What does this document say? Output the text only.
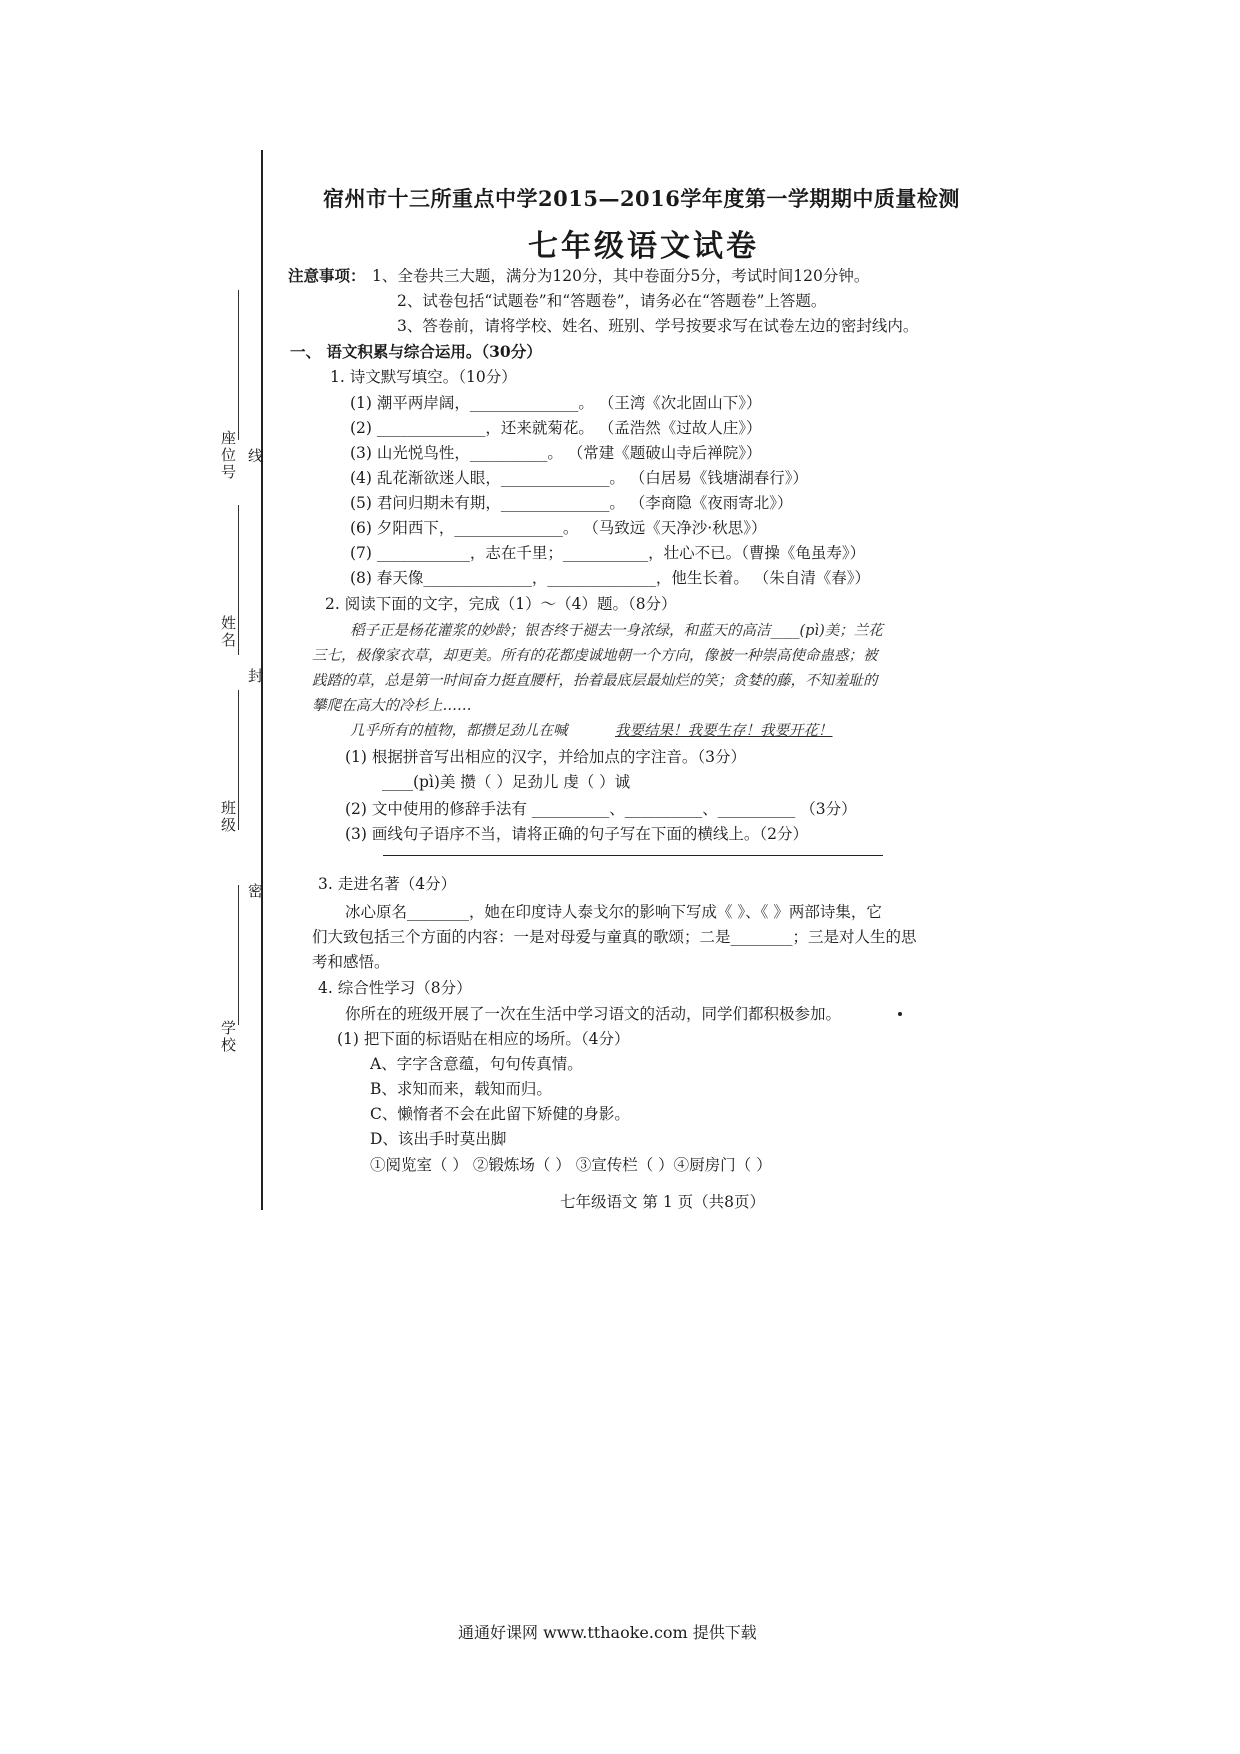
座位号
姓名
班级
学校
线
封
密
宿州市十三所重点中学2015—2016学年度第一学期期中质量检测
七年级语文试卷
注意事项： 1、全卷共三大题，满分为120分，其中卷面分5分，考试时间120分钟。
2、试卷包括“试题卷”和“答题卷”，请务必在“答题卷”上答题。
3、答卷前，请将学校、姓名、班别、学号按要求写在试卷左边的密封线内。
一、 语文积累与综合运用。（30分）
1. 诗文默写填空。（10分）
(1) 潮平两岸阔，______________。 （王湾《次北固山下》）
(2) ______________，还来就菊花。 （孟浩然《过故人庄》）
(3) 山光悦鸟性，__________。 （常建《题破山寺后禅院》）
(4) 乱花渐欲迷人眼，______________。 （白居易《钱塘湖春行》）
(5) 君问归期未有期，______________。 （李商隐《夜雨寄北》）
(6) 夕阳西下，______________。 （马致远《天净沙·秋思》）
(7) ____________，志在千里；___________，壮心不已。（曹操《龟虽寿》）
(8) 春天像______________，______________，他生长着。 （朱自清《春》）
2. 阅读下面的文字，完成（1）～（4）题。（8分）
稻子正是杨花灌浆的妙龄；银杏终于褪去一身浓绿，和蓝天的高洁____(pì)美；兰花
三七，极像家衣草，却更美。所有的花都虔诚地朝一个方向，像被一种崇高使命蛊惑；被
践踏的草，总是第一时间奋力挺直腰杆，抬着最底层最灿烂的笑；贪婪的藤，不知羞耻的
攀爬在高大的冷杉上……
几乎所有的植物，都攒足劲儿在喊	我要结果！我要生存！我要开花！
(1) 根据拼音写出相应的汉字，并给加点的字注音。（3分）
____(pì)美 攒（ ）足劲儿 虔（ ）诚
(2) 文中使用的修辞手法有 __________、__________、__________ （3分）
(3) 画线句子语序不当，请将正确的句子写在下面的横线上。（2分）
3. 走进名著（4分）
冰心原名________，她在印度诗人泰戈尔的影响下写成《 》、《 》两部诗集，它
们大致包括三个方面的内容：一是对母爱与童真的歌颂；二是________；三是对人生的思
考和感悟。
4. 综合性学习（8分）
你所在的班级开展了一次在生活中学习语文的活动，同学们都积极参加。
(1) 把下面的标语贴在相应的场所。（4分）
A、字字含意蕴，句句传真情。
B、求知而来，载知而归。
C、懒惰者不会在此留下矫健的身影。
D、该出手时莫出脚
①阅览室（ ） ②锻炼场（ ） ③宣传栏（ ）④厨房门（ ）
七年级语文 第 1 页（共8页）
通通好课网 www.tthaoke.com 提供下载
